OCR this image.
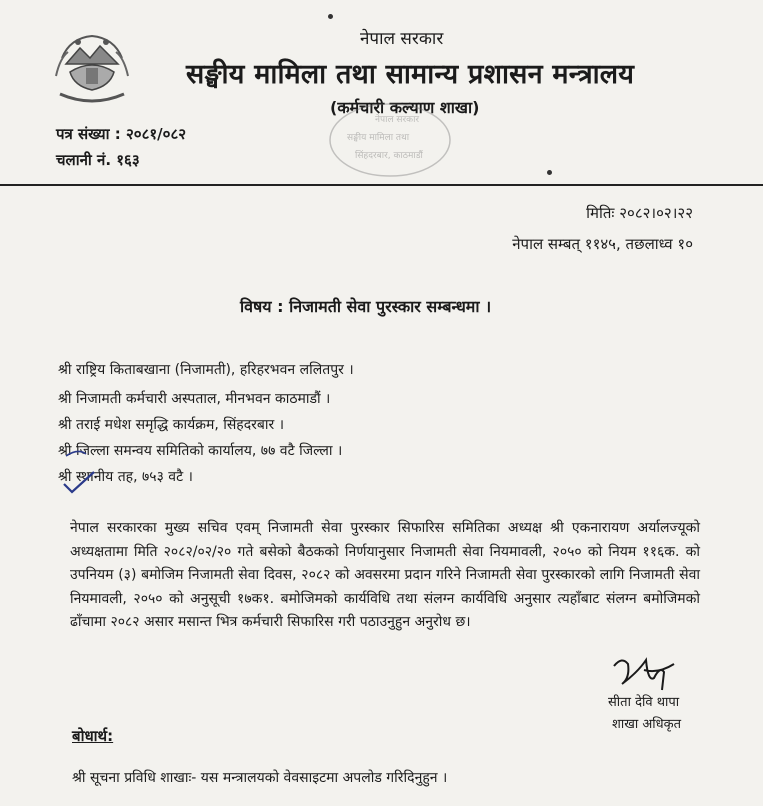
नेपाल सरकार
सङ्घीय मामिला तथा सामान्य प्रशासन मन्त्रालय
(कर्मचारी कल्याण शाखा)
नेपाल सरकार
सङ्घीय मामिला तथा
सिंहदरबार, काठमाडौं
पत्र संख्या : २०८१/०८२
चलानी नं. १६३
मितिः २०८२।०२।२२
नेपाल सम्बत् ११४५, तछलाध्व १०
विषय : निजामती सेवा पुरस्कार सम्बन्धमा ।
श्री राष्ट्रिय किताबखाना (निजामती), हरिहरभवन ललितपुर ।
श्री निजामती कर्मचारी अस्पताल, मीनभवन काठमाडौं ।
श्री तराई मधेश समृद्धि कार्यक्रम, सिंहदरबार ।
श्री जिल्ला समन्वय समितिको कार्यालय, ७७ वटै जिल्ला ।
श्री स्थानीय तह, ७५३ वटै ।
नेपाल सरकारका मुख्य सचिव एवम् निजामती सेवा पुरस्कार सिफारिस समितिका अध्यक्ष श्री एकनारायण अर्यालज्यूको अध्यक्षतामा मिति २०८२/०२/२० गते बसेको बैठकको निर्णयानुसार निजामती सेवा नियमावली, २०५० को नियम ११६क. को उपनियम (३) बमोजिम निजामती सेवा दिवस, २०८२ को अवसरमा प्रदान गरिने निजामती सेवा पुरस्कारको लागि निजामती सेवा नियमावली, २०५० को अनुसूची १७क१. बमोजिमको कार्यविधि तथा संलग्न कार्यविधि अनुसार त्यहाँबाट संलग्न बमोजिमको ढाँचामा २०८२ असार मसान्त भित्र कर्मचारी सिफारिस गरी पठाउनुहुन अनुरोध छ।
सीता देवि थापा
शाखा अधिकृत
बोधार्थ:
श्री सूचना प्रविधि शाखाः- यस मन्त्रालयको वेवसाइटमा अपलोड गरिदिनुहुन ।
